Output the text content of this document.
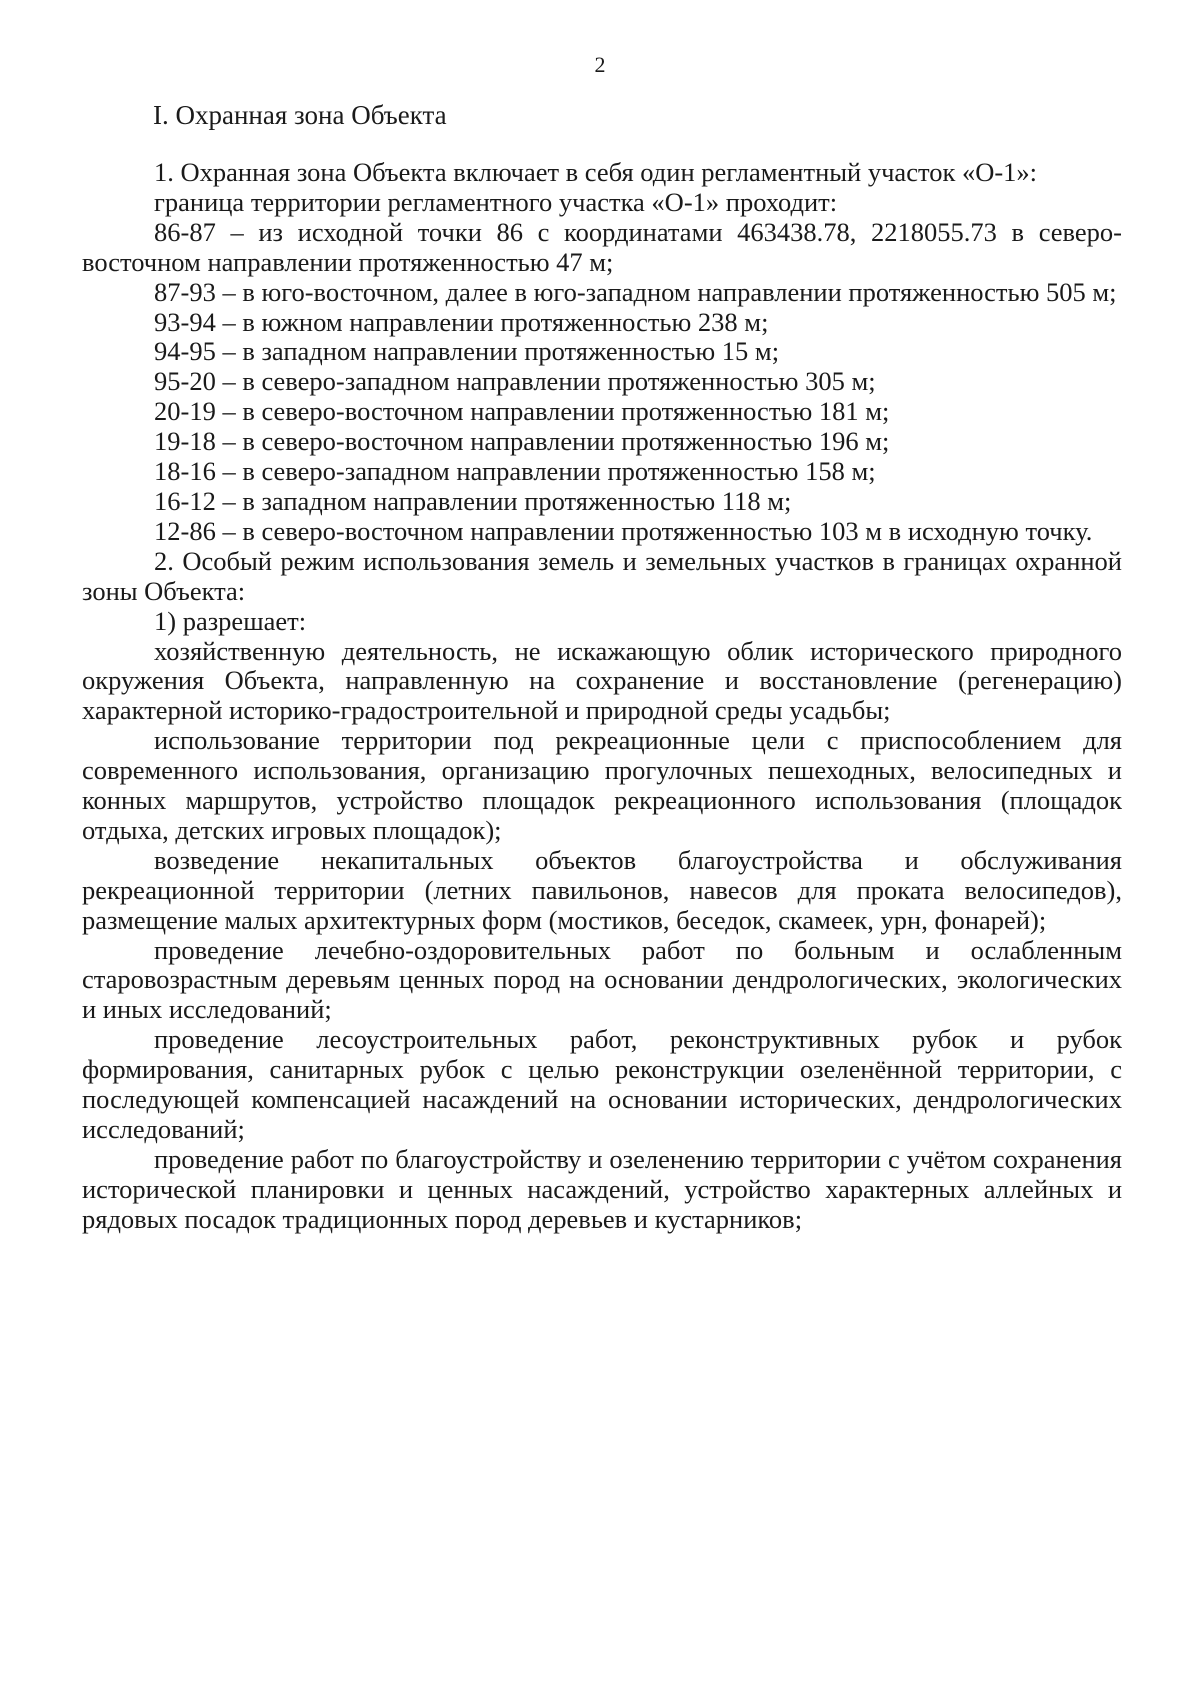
2
I. Охранная зона Объекта

1. Охранная зона Объекта включает в себя один регламентный участок «О-1»:

граница территории регламентного участка «О-1» проходит:

86-87 – из исходной точки 86 с координатами 463438.78, 2218055.73 в северо-восточном направлении протяженностью 47 м;

87-93 – в юго-восточном, далее в юго-западном направлении протяженностью 505 м;

93-94 – в южном направлении протяженностью 238 м;

94-95 – в западном направлении протяженностью 15 м;

95-20 – в северо-западном направлении протяженностью 305 м;

20-19 – в северо-восточном направлении протяженностью 181 м;

19-18 – в северо-восточном направлении протяженностью 196 м;

18-16 – в северо-западном направлении протяженностью 158 м;

16-12 – в западном направлении протяженностью 118 м;

12-86 – в северо-восточном направлении протяженностью 103 м в исходную точку.

2. Особый режим использования земель и земельных участков в границах охранной зоны Объекта:

1) разрешает:

хозяйственную деятельность, не искажающую облик исторического природного окружения Объекта, направленную на сохранение и восстановление (регенерацию) характерной историко-градостроительной и природной среды усадьбы;

использование территории под рекреационные цели с приспособлением для современного использования, организацию прогулочных пешеходных, велосипедных и конных маршрутов, устройство площадок рекреационного использования (площадок отдыха, детских игровых площадок);

возведение некапитальных объектов благоустройства и обслуживания рекреационной территории (летних павильонов, навесов для проката велосипедов), размещение малых архитектурных форм (мостиков, беседок, скамеек, урн, фонарей);

проведение лечебно-оздоровительных работ по больным и ослабленным старовозрастным деревьям ценных пород на основании дендрологических, экологических и иных исследований;

проведение лесоустроительных работ, реконструктивных рубок и рубок формирования, санитарных рубок с целью реконструкции озеленённой территории, с последующей компенсацией насаждений на основании исторических, дендрологических исследований;

проведение работ по благоустройству и озеленению территории с учётом сохранения исторической планировки и ценных насаждений, устройство характерных аллейных и рядовых посадок традиционных пород деревьев и кустарников;
